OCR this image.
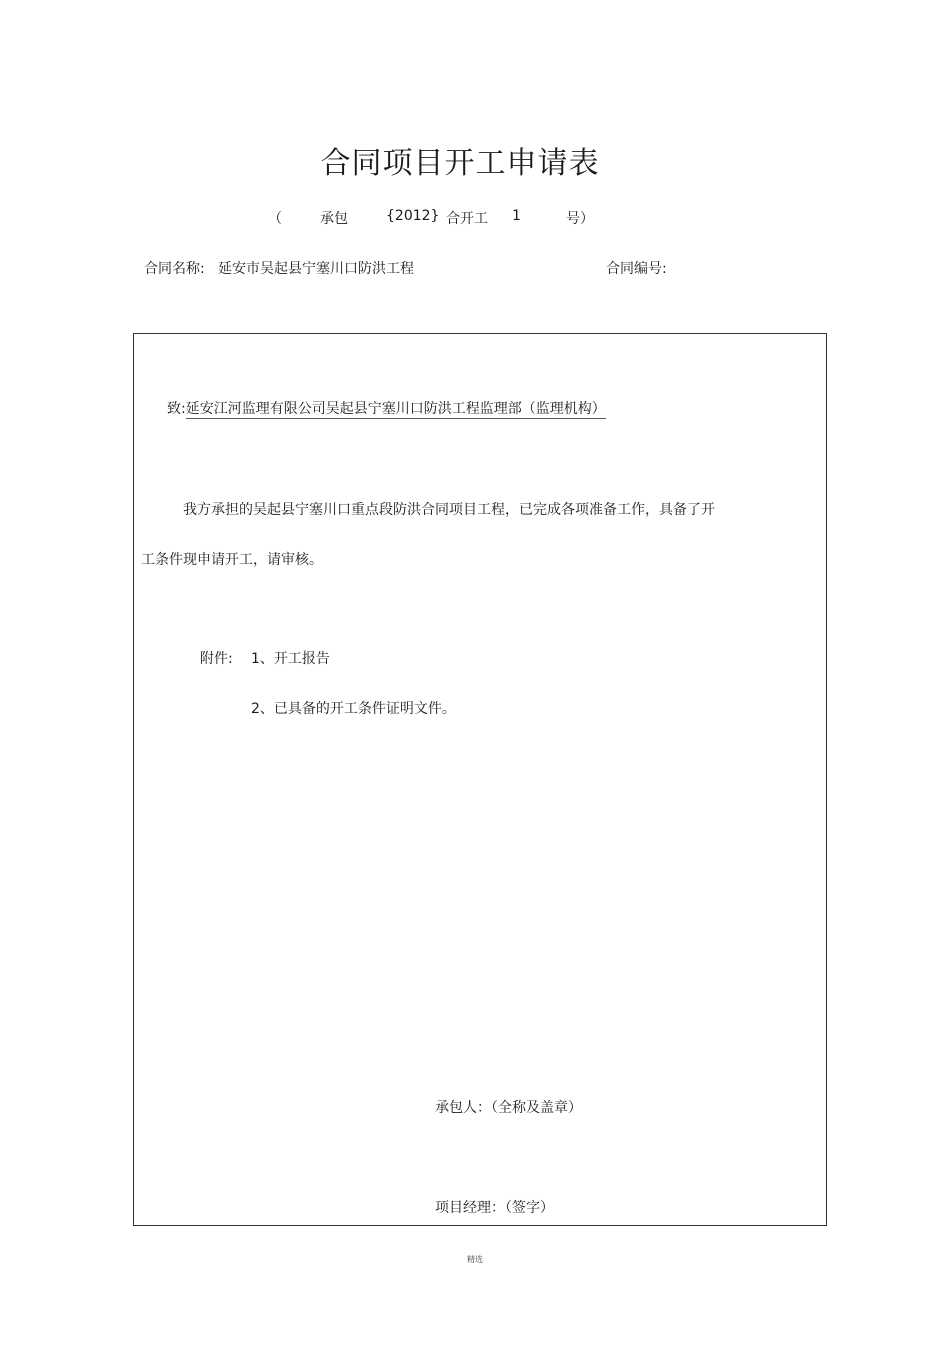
合同项目开工申请表
（	承包	{2012} 合开工 1	号）
合同名称: 延安市吴起县宁塞川口防洪工程	合同编号:
致:延安江河监理有限公司吴起县宁塞川口防洪工程监理部（监理机构）
我方承担的吴起县宁塞川口重点段防洪合同项目工程，已完成各项准备工作，具备了开
工条件现申请开工，请审核。
附件: 1、开工报告
2、已具备的开工条件证明文件。
承包人：（全称及盖章）
项目经理：（签字）
精选
